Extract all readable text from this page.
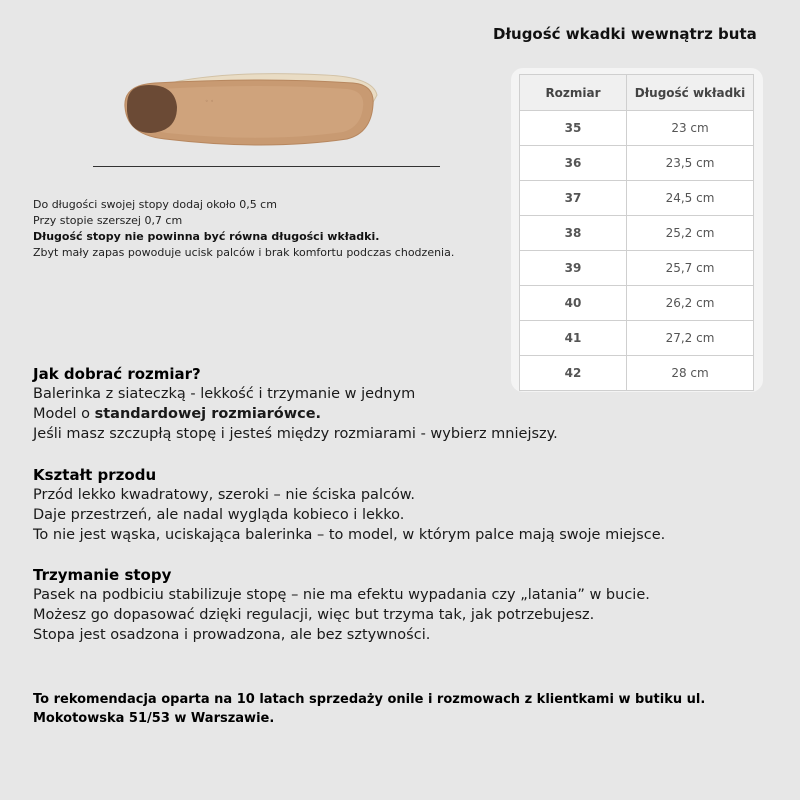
Długość wkadki wewnątrz buta
◦ ◦
Do długości swojej stopy dodaj około 0,5 cm
Przy stopie szerszej 0,7 cm
Długość stopy nie powinna być równa długości wkładki.
Zbyt mały zapas powoduje ucisk palców i brak komfortu podczas chodzenia.
Rozmiar	Długość wkładki
35	23 cm
36	23,5 cm
37	24,5 cm
38	25,2 cm
39	25,7 cm
40	26,2 cm
41	27,2 cm
42	28 cm
Jak dobrać rozmiar?
Balerinka z siateczką - lekkość i trzymanie w jednym
Model o standardowej rozmiarówce.
Jeśli masz szczupłą stopę i jesteś między rozmiarami - wybierz mniejszy.
Kształt przodu
Przód lekko kwadratowy, szeroki – nie ściska palców.
Daje przestrzeń, ale nadal wygląda kobieco i lekko.
To nie jest wąska, uciskająca balerinka – to model, w którym palce mają swoje miejsce.
Trzymanie stopy
Pasek na podbiciu stabilizuje stopę – nie ma efektu wypadania czy „latania” w bucie.
Możesz go dopasować dzięki regulacji, więc but trzyma tak, jak potrzebujesz.
Stopa jest osadzona i prowadzona, ale bez sztywności.
To rekomendacja oparta na 10 latach sprzedaży onile i rozmowach z klientkami w butiku ul.
Mokotowska 51/53 w Warszawie.
